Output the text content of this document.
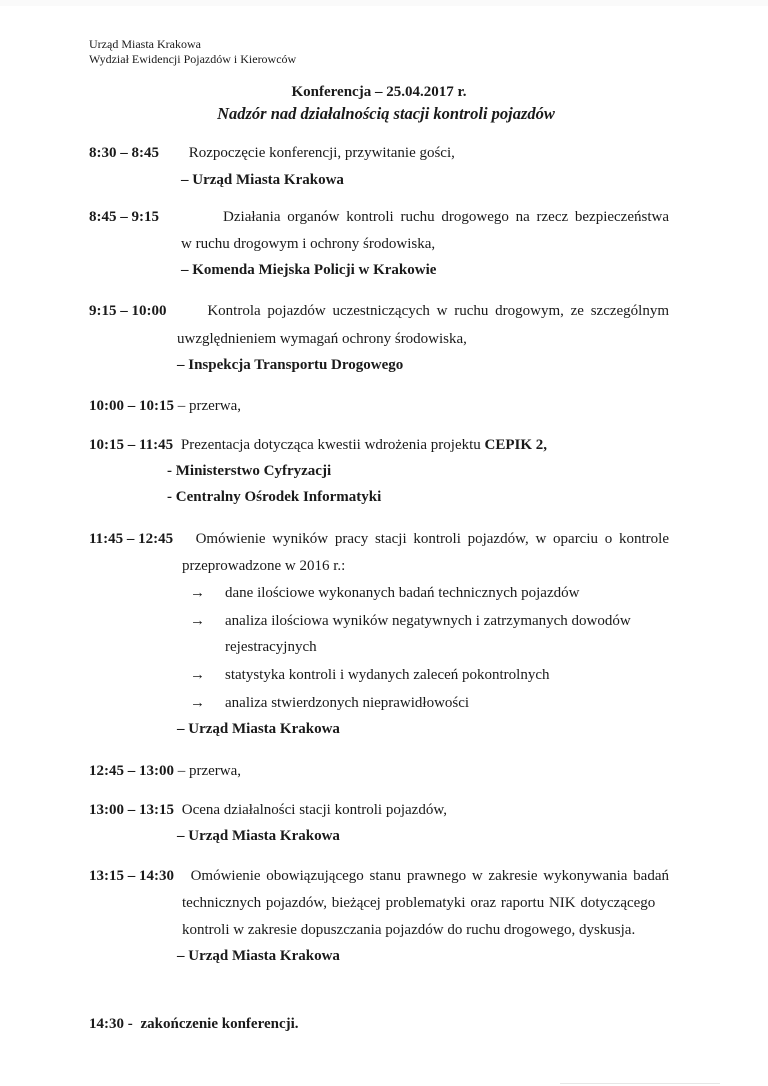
Urząd Miasta Krakowa
Wydział Ewidencji Pojazdów i Kierowców
Konferencja – 25.04.2017 r.
Nadzór nad działalnością stacji kontroli pojazdów
8:30 – 8:45 Rozpoczęcie konferencji, przywitanie gości,
– Urząd Miasta Krakowa
8:45 – 9:15	Działania organów kontroli ruchu drogowego na rzecz bezpieczeństwa
w ruchu drogowym i ochrony środowiska,
– Komenda Miejska Policji w Krakowie
9:15 – 10:00	Kontrola pojazdów uczestniczących w ruchu drogowym, ze szczególnym
uwzględnieniem wymagań ochrony środowiska,
– Inspekcja Transportu Drogowego
10:00 – 10:15 – przerwa,
10:15 – 11:45 Prezentacja dotycząca kwestii wdrożenia projektu CEPIK 2,
- Ministerstwo Cyfryzacji
- Centralny Ośrodek Informatyki
11:45 – 12:45 Omówienie wyników pracy stacji kontroli pojazdów, w oparciu o kontrole
przeprowadzone w 2016 r.:
→ dane ilościowe wykonanych badań technicznych pojazdów
→ analiza ilościowa wyników negatywnych i zatrzymanych dowodów
rejestracyjnych
→ statystyka kontroli i wydanych zaleceń pokontrolnych
→ analiza stwierdzonych nieprawidłowości
– Urząd Miasta Krakowa
12:45 – 13:00 – przerwa,
13:00 – 13:15 Ocena działalności stacji kontroli pojazdów,
– Urząd Miasta Krakowa
13:15 – 14:30 Omówienie obowiązującego stanu prawnego w zakresie wykonywania badań
technicznych pojazdów, bieżącej problematyki oraz raportu NIK dotyczącego
kontroli w zakresie dopuszczania pojazdów do ruchu drogowego, dyskusja.
– Urząd Miasta Krakowa
14:30 - zakończenie konferencji.
